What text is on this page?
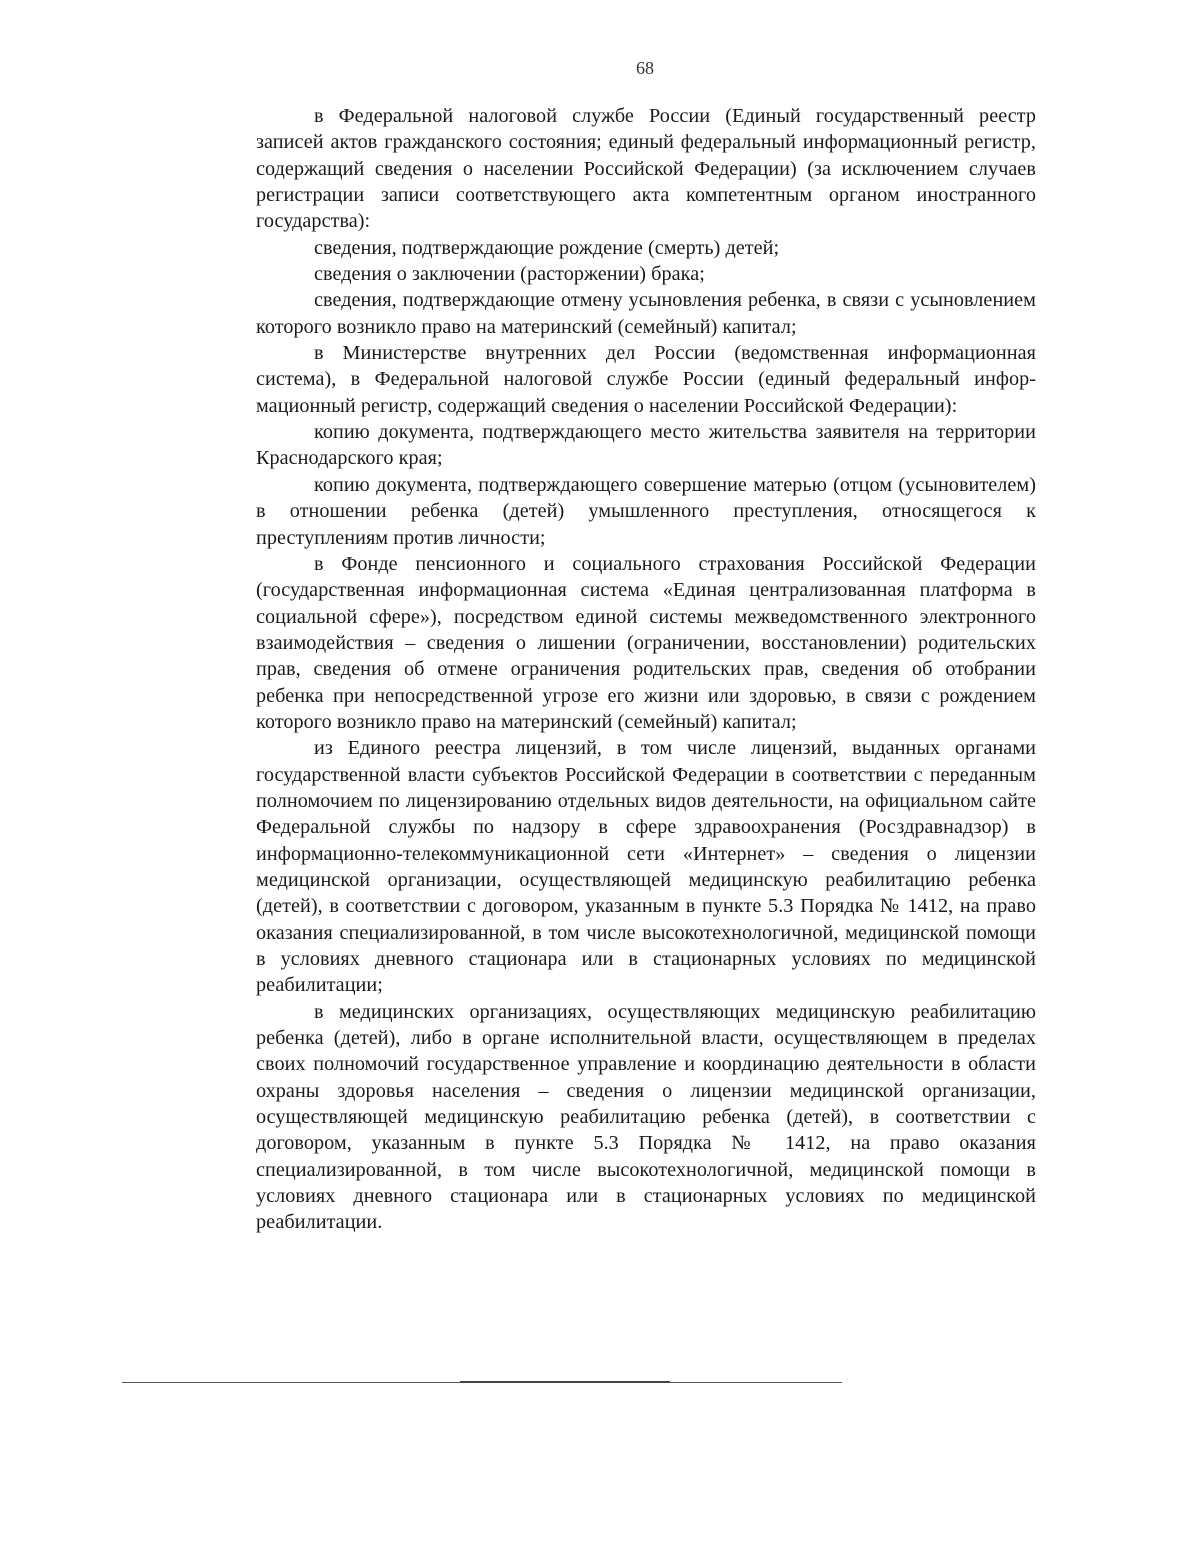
68

в Федеральной налоговой службе России (Единый государственный реестр записей актов гражданского состояния; единый федеральный информационный регистр, содержащий сведения о населении Российской Федерации) (за исключением случаев регистрации записи соответствующего акта компетентным органом иностранного государства):

сведения, подтверждающие рождение (смерть) детей;

сведения о заключении (расторжении) брака;

сведения, подтверждающие отмену усыновления ребенка, в связи с усыновлением которого возникло право на материнский (семейный) капитал;

в Министерстве внутренних дел России (ведомственная информационная система), в Федеральной налоговой службе России (единый федеральный информационный регистр, содержащий сведения о населении Российской Федерации):

копию документа, подтверждающего место жительства заявителя на территории Краснодарского края;

копию документа, подтверждающего совершение матерью (отцом (усыновителем) в отношении ребенка (детей) умышленного преступления, относящегося к преступлениям против личности;

в Фонде пенсионного и социального страхования Российской Федерации (государственная информационная система «Единая централизованная платформа в социальной сфере»), посредством единой системы межведомственного электронного взаимодействия – сведения о лишении (ограничении, восстановлении) родительских прав, сведения об отмене ограничения родительских прав, сведения об отобрании ребенка при непосредственной угрозе его жизни или здоровью, в связи с рождением которого возникло право на материнский (семейный) капитал;

из Единого реестра лицензий, в том числе лицензий, выданных органами государственной власти субъектов Российской Федерации в соответствии с переданным полномочием по лицензированию отдельных видов деятельности, на официальном сайте Федеральной службы по надзору в сфере здравоохранения (Росздравнадзор) в информационно-телекоммуникационной сети «Интернет» – сведения о лицензии медицинской организации, осуществляющей медицинскую реабилитацию ребенка (детей), в соответствии с договором, указанным в пункте 5.3 Порядка № 1412, на право оказания специализированной, в том числе высокотехнологичной, медицинской помощи в условиях дневного стационара или в стационарных условиях по медицинской реабилитации;

в медицинских организациях, осуществляющих медицинскую реабилитацию ребенка (детей), либо в органе исполнительной власти, осуществляющем в пределах своих полномочий государственное управление и координацию деятельности в области охраны здоровья населения – сведения о лицензии медицинской организации, осуществляющей медицинскую реабилитацию ребенка (детей), в соответствии с договором, указанным в пункте 5.3 Порядка № 1412, на право оказания специализированной, в том числе высокотехнологичной, медицинской помощи в условиях дневного стационара или в стационарных условиях по медицинской реабилитации.
